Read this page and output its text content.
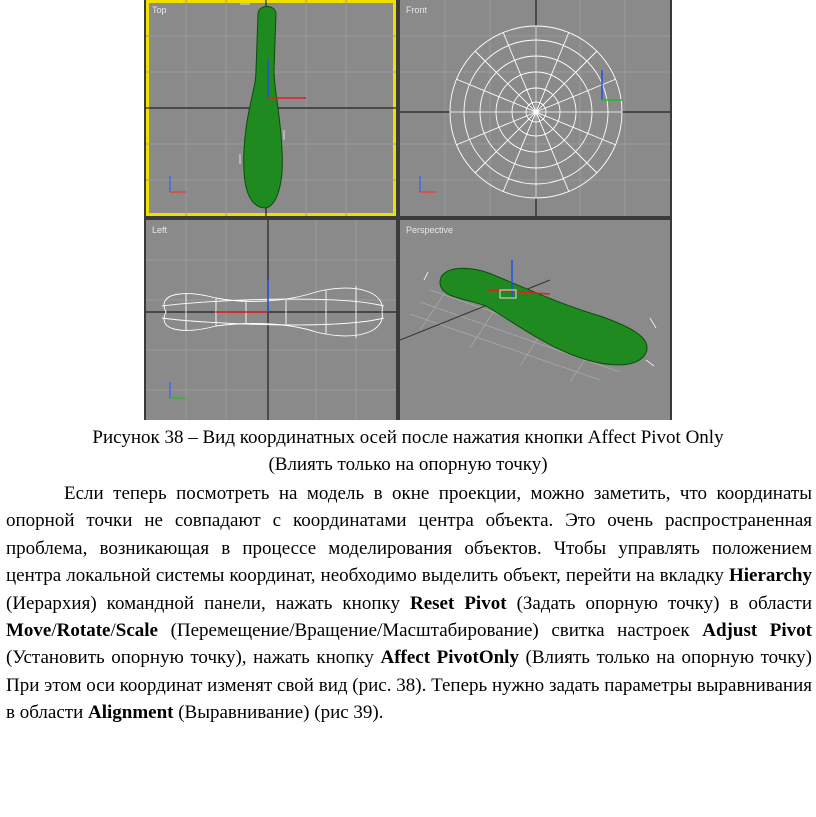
Top	Front
Left	Perspective
Рисунок 38 – Вид координатных осей после нажатия кнопки Affect Pivot Only
(Влиять только на опорную точку)

Если теперь посмотреть на модель в окне проекции, можно заметить, что координаты опорной точки не совпадают с координатами центра объекта. Это очень распространенная проблема, возникающая в процессе моделирования объектов. Чтобы управлять положением центра локальной системы координат, необходимо выделить объект, перейти на вкладку Hierarchy (Иерархия) командной панели, нажать кнопку Reset Pivot (Задать опорную точку) в области Move/Rotate/Scale (Перемещение/Вращение/Масштабирование) свитка настроек Adjust Pivot (Установить опорную точку), нажать кнопку Affect PivotOnly (Влиять только на опорную точку) При этом оси координат изменят свой вид (рис. 38). Теперь нужно задать параметры выравнивания в области Alignment (Выравнивание) (рис 39).
